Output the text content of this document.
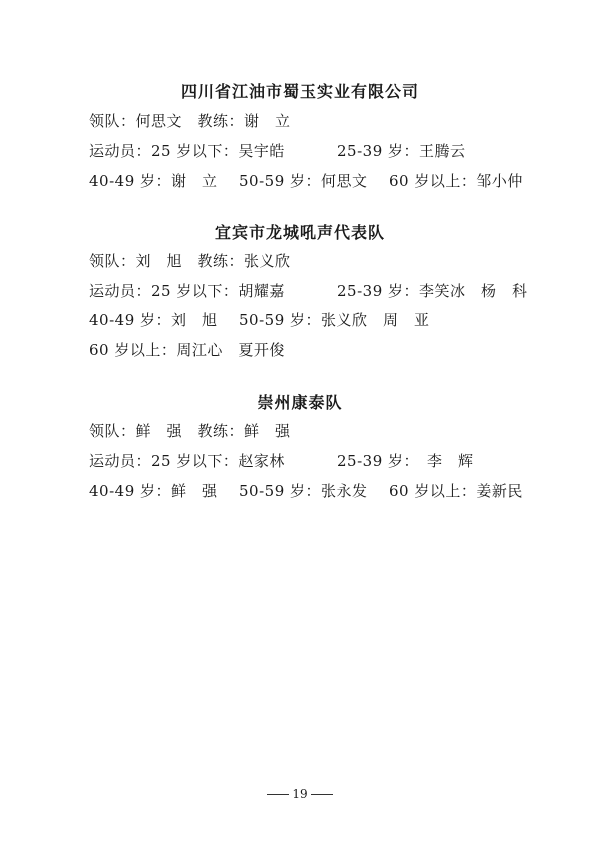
四川省江油市蜀玉实业有限公司
领队：何思文　教练：谢　立
运动员：25 岁以下：吴宇皓	25-39 岁：王腾云
40-49 岁：谢　立 50-59 岁：何思文 60 岁以上：邹小仲
宜宾市龙城吼声代表队
领队：刘　旭　教练：张义欣
运动员：25 岁以下：胡耀嘉	25-39 岁：李笑冰　杨　科
40-49 岁：刘　旭 50-59 岁：张义欣　周　亚
60 岁以上：周江心　夏开俊
崇州康泰队
领队：鲜　强　教练：鲜　强
运动员：25 岁以下：赵家林	25-39 岁：　李　辉
40-49 岁：鲜　强 50-59 岁：张永发 60 岁以上：姜新民
19
